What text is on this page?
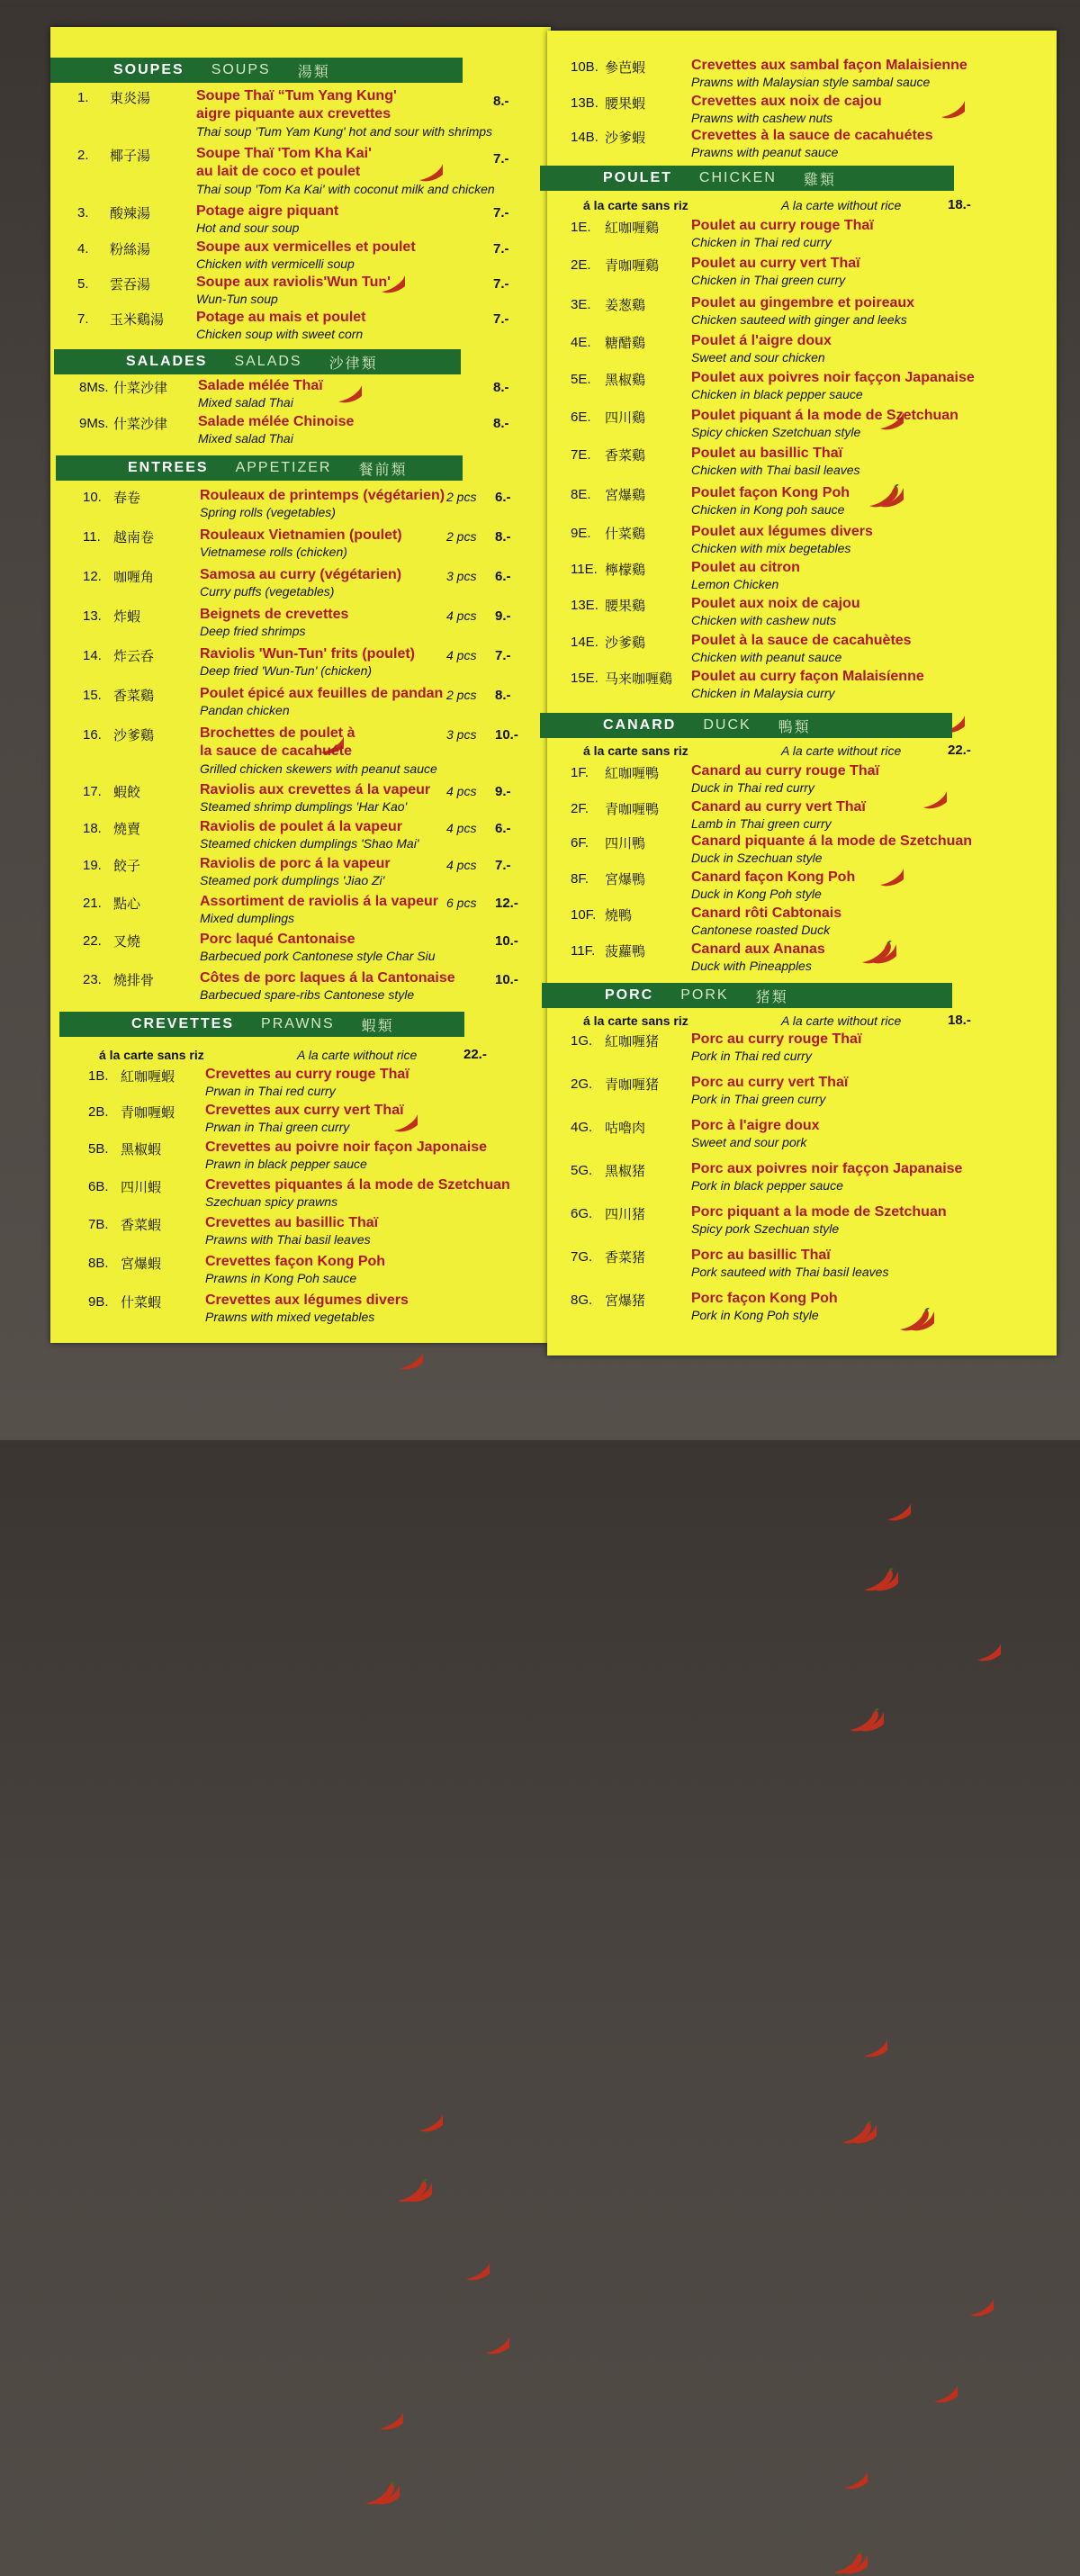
SOUPES SOUPS 湯類
1. 東炎湯	Soupe Thaï “Tum Yang Kung'
aigre piquante aux crevettes
Thai soup 'Tum Yam Kung' hot and sour with shrimps
8.-
2. 椰子湯	Soupe Thaï 'Tom Kha Kai'
au lait de coco et poulet
Thai soup 'Tom Ka Kai' with coconut milk and chicken
7.-
3. 酸辣湯	Potage aigre piquant
Hot and sour soup
7.-
4. 粉絲湯	Soupe aux vermicelles et poulet
Chicken with vermicelli soup
7.-
5. 雲吞湯	Soupe aux raviolis'Wun Tun'
Wun-Tun soup
7.-
7. 玉米鷄湯 Potage au mais et poulet
Chicken soup with sweet corn
7.-
SALADES SALADS 沙律類
8Ms. 什菜沙律 Salade mélée Thaï
Mixed salad Thai
8.-
9Ms. 什菜沙律 Salade mélée Chinoise
Mixed salad Thai
8.-
ENTREES APPETIZER 餐前類
10. 春卷	Rouleaux de printemps (végétarien)
Spring rolls (vegetables)
2 pcs 6.-
11. 越南卷	Rouleaux Vietnamien (poulet)
Vietnamese rolls (chicken)
2 pcs 8.-
12. 咖喱角	Samosa au curry (végétarien)
Curry puffs (vegetables)
3 pcs 6.-
13. 炸蝦	Beignets de crevettes
Deep fried shrimps
4 pcs 9.-
14. 炸云呑	Raviolis 'Wun-Tun' frits (poulet)
Deep fried 'Wun-Tun' (chicken)
4 pcs 7.-
15. 香菜鷄	Poulet épicé aux feuilles de pandan
Pandan chicken
2 pcs 8.-
16. 沙爹鷄	Brochettes de poulet à
la sauce de cacahuéte
Grilled chicken skewers with peanut sauce
3 pcs 10.-
17. 蝦餃	Raviolis aux crevettes á la vapeur
Steamed shrimp dumplings 'Har Kao'
4 pcs 9.-
18. 燒賣	Raviolis de poulet á la vapeur
Steamed chicken dumplings 'Shao Mai'
4 pcs 6.-
19. 餃子	Raviolis de porc á la vapeur
Steamed pork dumplings 'Jiao Zi'
4 pcs 7.-
21. 點心	Assortiment de raviolis á la vapeur
Mixed dumplings
6 pcs 12.-
22. 叉燒	Porc laqué Cantonaise
Barbecued pork Cantonese style Char Siu
10.-
23. 燒排骨	Côtes de porc laques á la Cantonaise
Barbecued spare-ribs Cantonese style
10.-
CREVETTES PRAWNS 蝦類
á la carte sans riz	A la carte without rice	22.-
1B. 紅咖喱蝦 Crevettes au curry rouge Thaï
Prwan in Thai red curry
2B. 青咖喱蝦 Crevettes aux curry vert Thaï
Prwan in Thai green curry
5B. 黑椒蝦	Crevettes au poivre noir façon Japonaise
Prawn in black pepper sauce
6B. 四川蝦	Crevettes piquantes á la mode de Szetchuan
Szechuan spicy prawns
7B. 香菜蝦	Crevettes au basillic Thaï
Prawns with Thai basil leaves
8B. 宮爆蝦	Crevettes façon Kong Poh
Prawns in Kong Poh sauce
9B. 什菜蝦	Crevettes aux légumes divers
Prawns with mixed vegetables
10B. 參芭蝦	Crevettes aux sambal façon Malaisienne
Prawns with Malaysian style sambal sauce
13B. 腰果蝦	Crevettes aux noix de cajou
Prawns with cashew nuts
14B. 沙爹蝦	Crevettes à la sauce de cacahuétes
Prawns with peanut sauce
POULET CHICKEN 雞類
á la carte sans riz	A la carte without rice	18.-
1E. 紅咖喱鷄 Poulet au curry rouge Thaï
Chicken in Thai red curry
2E. 青咖喱鷄 Poulet au curry vert Thaï
Chicken in Thai green curry
3E. 姜葱鷄	Poulet au gingembre et poireaux
Chicken sauteed with ginger and leeks
4E. 糖醋鷄	Poulet á l'aigre doux
Sweet and sour chicken
5E. 黑椒鷄	Poulet aux poivres noir faççon Japanaise
Chicken in black pepper sauce
6E. 四川鷄	Poulet piquant á la mode de Szetchuan
Spicy chicken Szetchuan style
7E. 香菜鷄	Poulet au basillic Thaï
Chicken with Thai basil leaves
8E. 宮爆鷄	Poulet façon Kong Poh
Chicken in Kong poh sauce
9E. 什菜鷄	Poulet aux légumes divers
Chicken with mix begetables
11E. 檸檬鷄	Poulet au citron
Lemon Chicken
13E. 腰果鷄	Poulet aux noix de cajou
Chicken with cashew nuts
14E. 沙爹鷄	Poulet à la sauce de cacahuètes
Chicken with peanut sauce
15E. 马来咖喱鷄 Poulet au curry façon Malaisíenne
Chicken in Malaysia curry
CANARD DUCK 鴨類
á la carte sans riz	A la carte without rice	22.-
1F. 紅咖喱鴨 Canard au curry rouge Thaï
Duck in Thai red curry
2F. 青咖喱鴨 Canard au curry vert Thaï
Lamb in Thai green curry
6F. 四川鴨	Canard piquante á la mode de Szetchuan
Duck in Szechuan style
8F. 宮爆鴨	Canard façon Kong Poh
Duck in Kong Poh style
10F. 燒鴨	Canard rôti Cabtonais
Cantonese roasted Duck
11F. 菠蘿鴨	Canard aux Ananas
Duck with Pineapples
PORC PORK 猪類
á la carte sans riz	A la carte without rice	18.-
1G. 紅咖喱猪 Porc au curry rouge Thaï
Pork in Thai red curry
2G. 青咖喱猪 Porc au curry vert Thaï
Pork in Thai green curry
4G. 咕嚕肉	Porc à l'aigre doux
Sweet and sour pork
5G. 黑椒猪	Porc aux poivres noir faççon Japanaise
Pork in black pepper sauce
6G. 四川猪	Porc piquant a la mode de Szetchuan
Spicy pork Szechuan style
7G. 香菜猪	Porc au basillic Thaï
Pork sauteed with Thai basil leaves
8G. 宮爆猪	Porc façon Kong Poh
Pork in Kong Poh style
